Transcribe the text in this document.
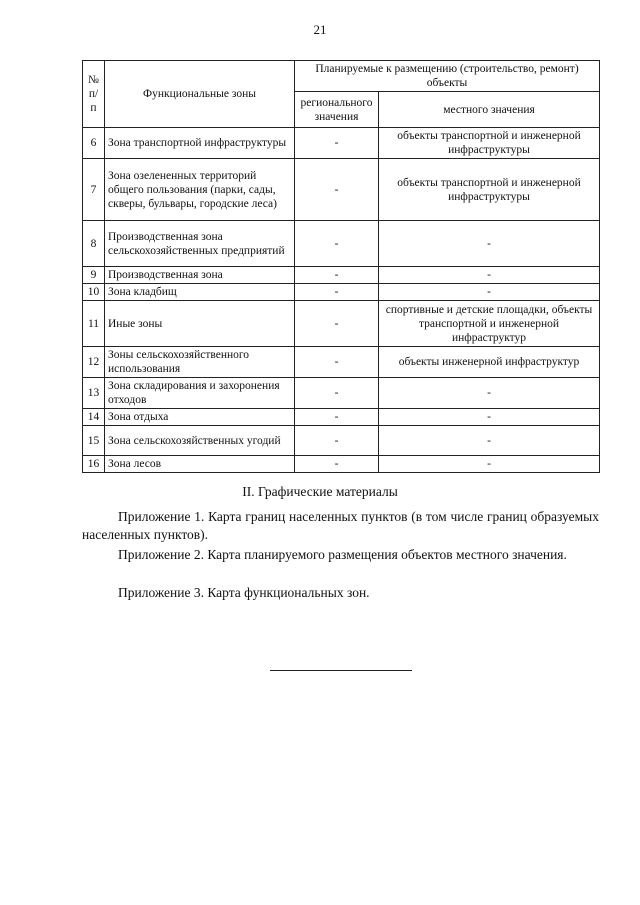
21
№ п/п	Функциональные зоны	Планируемые к размещению (строительство, ремонт) объекты	
		регионального значения	местного значения
6	Зона транспортной инфраструктуры	-	объекты транспортной и инженерной инфраструктуры
7	Зона озелененных территорий общего пользования (парки, сады, скверы, бульвары, городские леса)	-	объекты транспортной и инженерной инфраструктуры
8	Производственная зона сельскохозяйственных предприятий	-	-
9	Производственная зона	-	-
10	Зона кладбищ	-	-
11	Иные зоны	-	спортивные и детские площадки, объекты транспортной и инженерной инфраструктур
12	Зоны сельскохозяйственного использования	-	объекты инженерной инфраструктур
13	Зона складирования и захоронения отходов	-	-
14	Зона отдыха	-	-
15	Зона сельскохозяйственных угодий	-	-
16	Зона лесов	-	-
II. Графические материалы

Приложение 1. Карта границ населенных пунктов (в том числе границ образуемых населенных пунктов).

Приложение 2. Карта планируемого размещения объектов местного значения.

Приложение 3. Карта функциональных зон.
